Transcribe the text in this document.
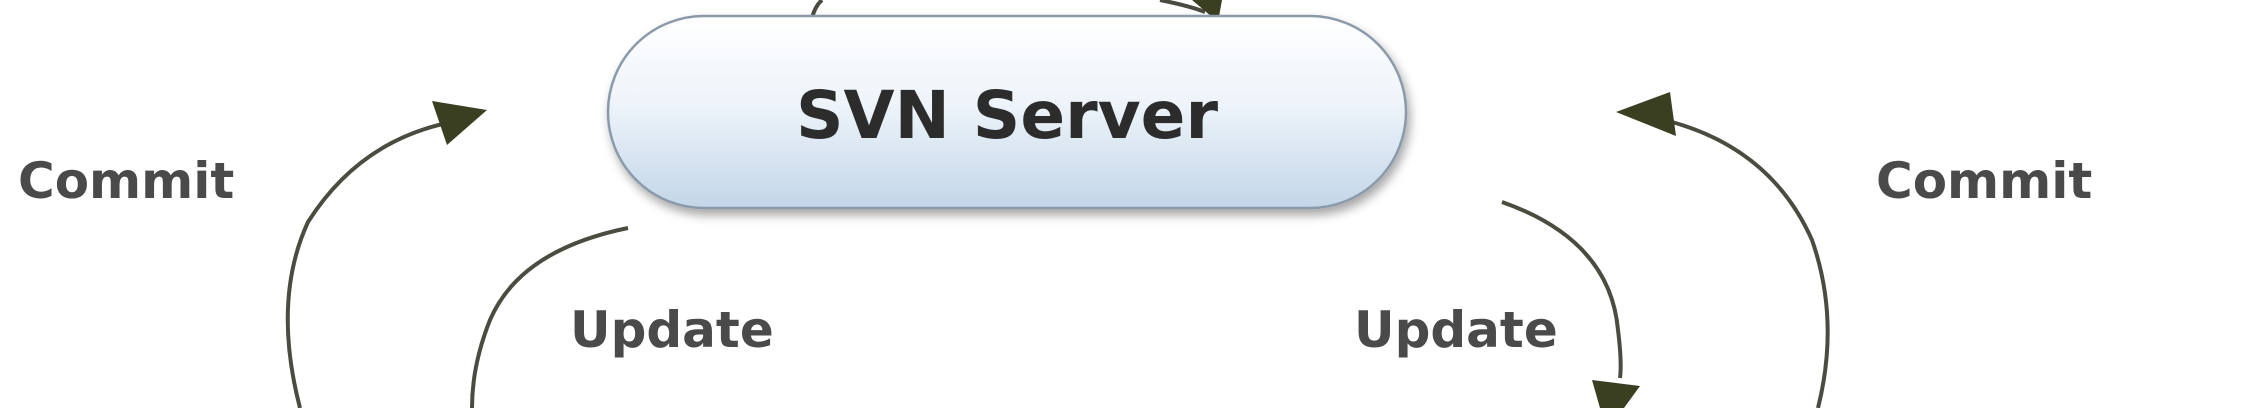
SVN Server
Commit
Update	Update
Commit
